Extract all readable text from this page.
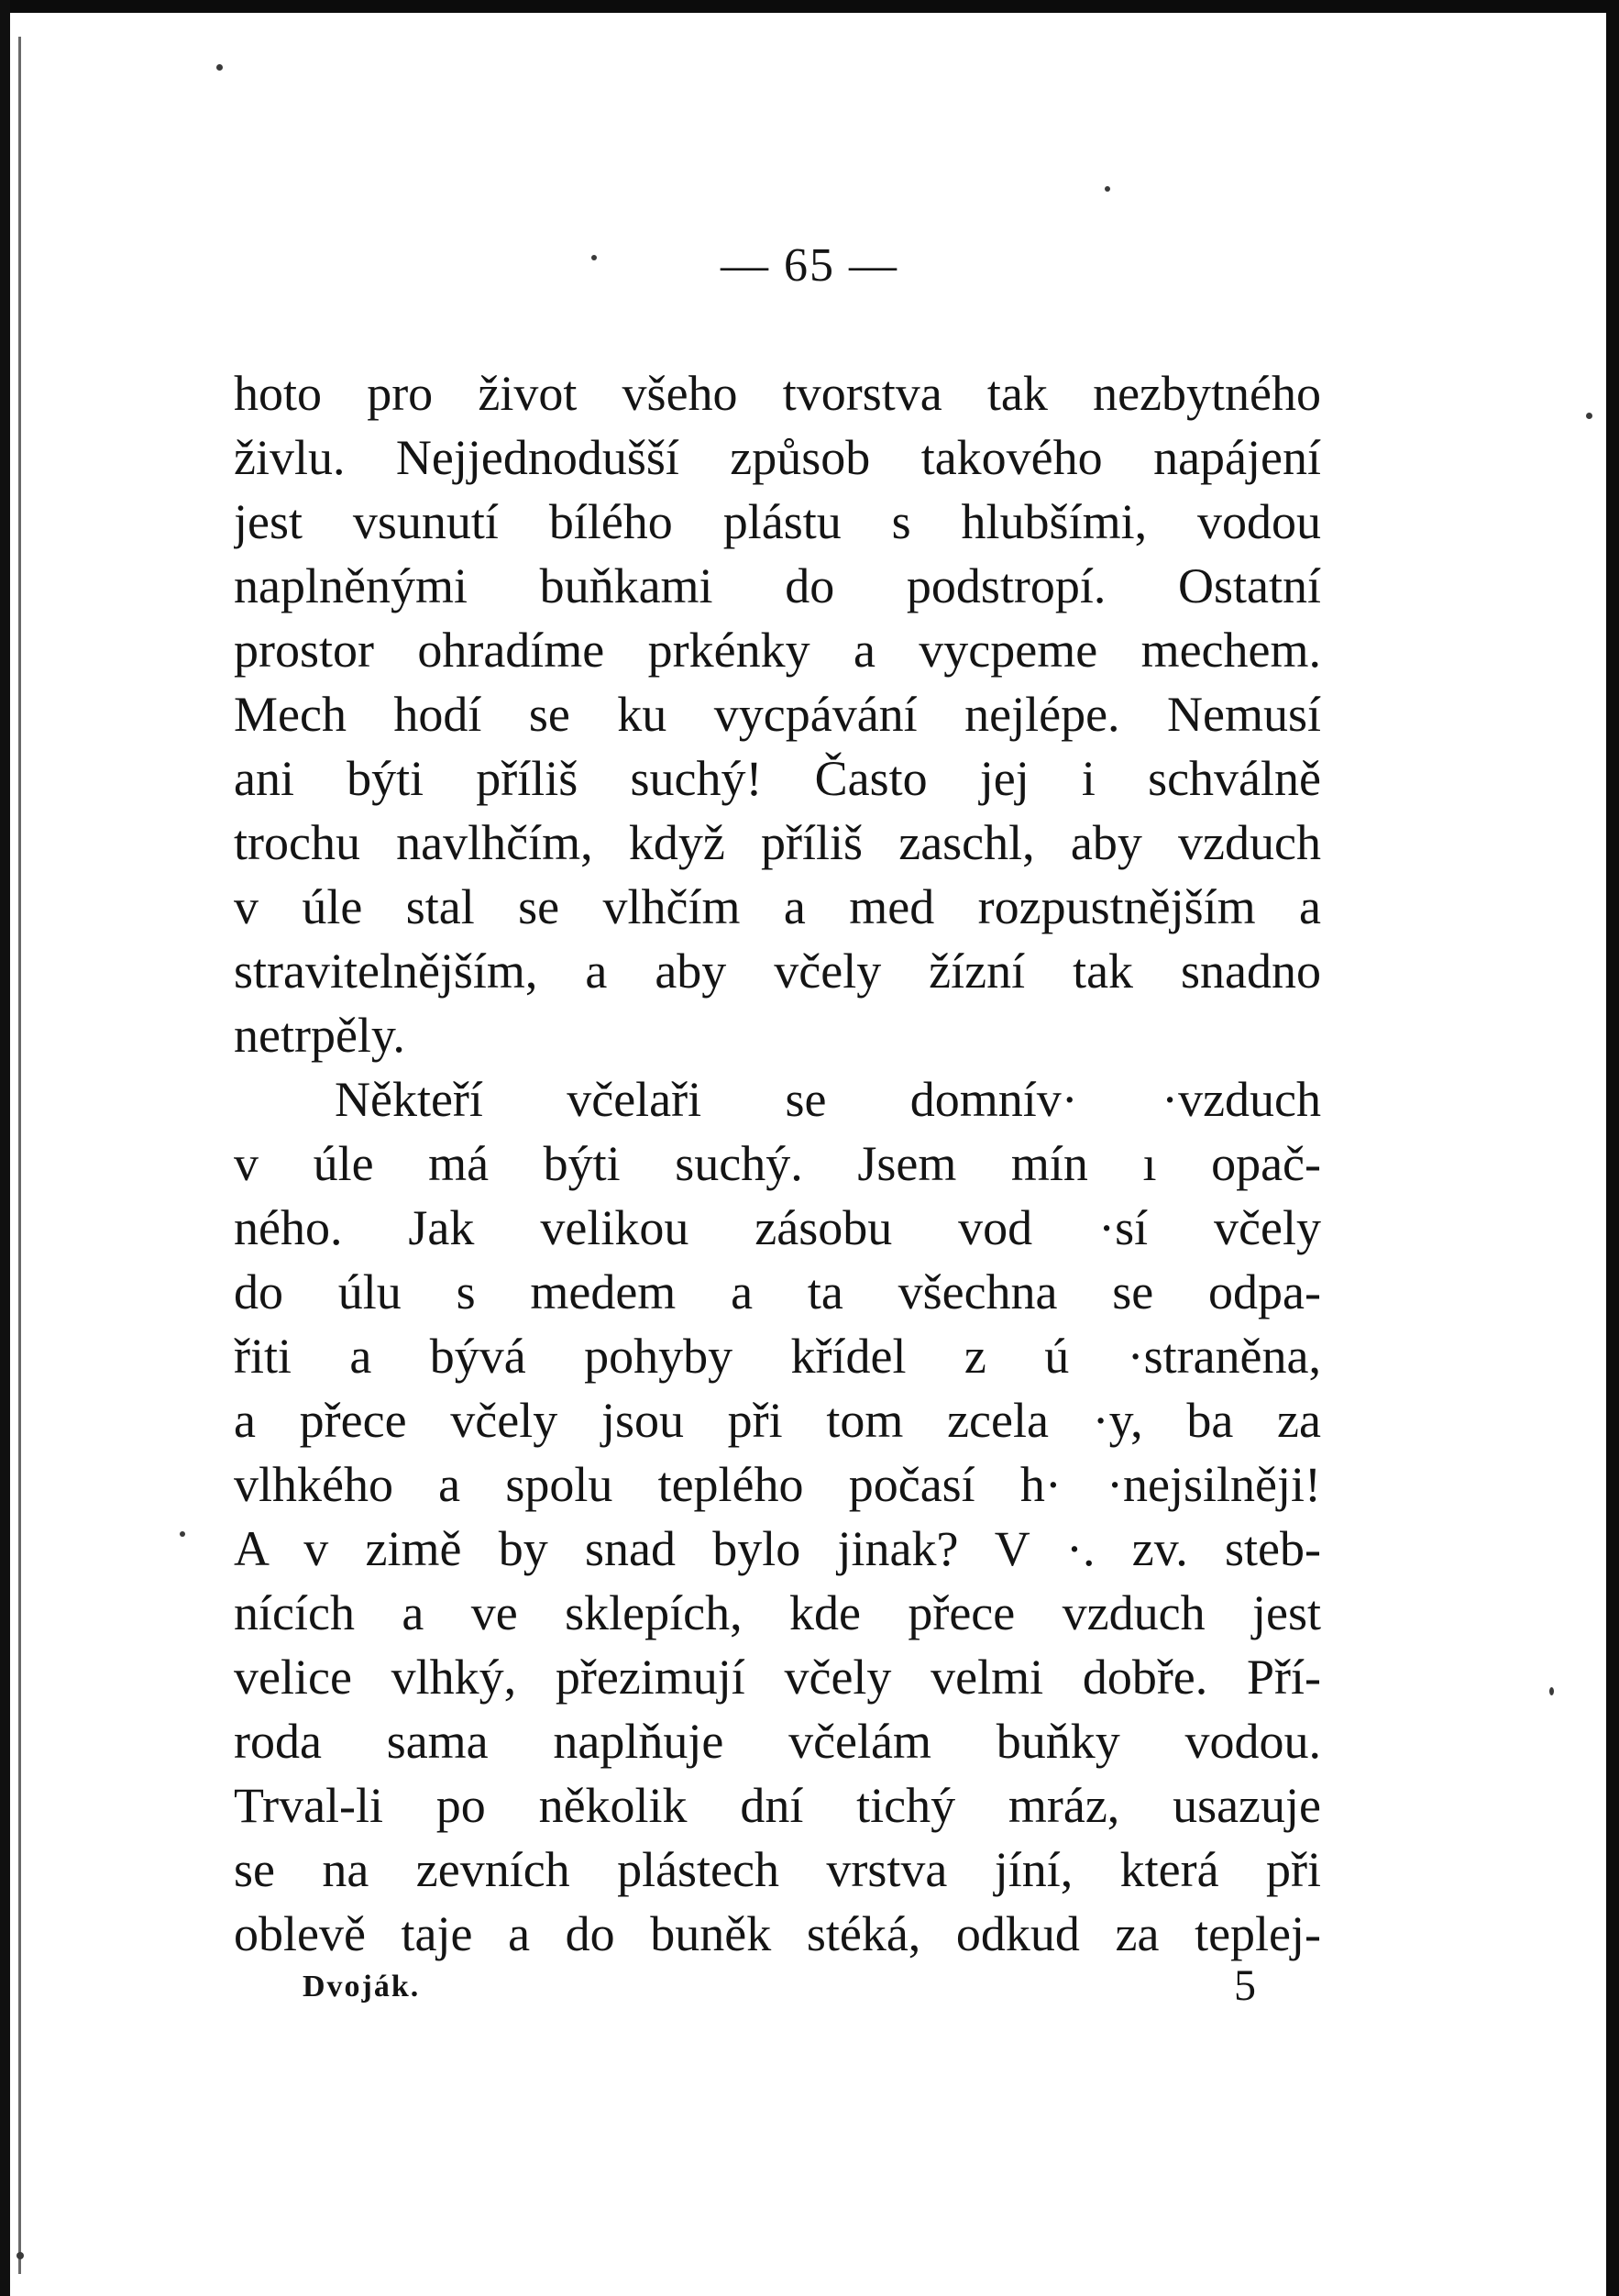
— 65 —
hoto pro život všeho tvorstva tak nezbytného
živlu. Nejjednodušší způsob takového napájení
jest vsunutí bílého plástu s hlubšími, vodou
naplněnými buňkami do podstropí. Ostatní
prostor ohradíme prkénky a vycpeme mechem.
Mech hodí se ku vycpávání nejlépe. Nemusí
ani býti příliš suchý! Často jej i schválně
trochu navlhčím, když příliš zaschl, aby vzduch
v úle stal se vlhčím a med rozpustnějším a
stravitelnějším, a aby včely žízní tak snadno
netrpěly.
Někteří včelaři se domnív· ·vzduch
v úle má býti suchý. Jsem mín ı opač-
ného. Jak velikou zásobu vod ·sí včely
do úlu s medem a ta všechna se odpa-
řiti a bývá pohyby křídel z ú ·straněna,
a přece včely jsou při tom zcela ·y, ba za
vlhkého a spolu teplého počasí h· ·nejsilněji!
A v zimě by snad bylo jinak? V ·. zv. steb-
nících a ve sklepích, kde přece vzduch jest
velice vlhký, přezimují včely velmi dobře. Pří-
roda sama naplňuje včelám buňky vodou.
Trval-li po několik dní tichý mráz, usazuje
se na zevních plástech vrstva jíní, která při
oblevě taje a do buněk stéká, odkud za teplej-
Dvoják.	5
